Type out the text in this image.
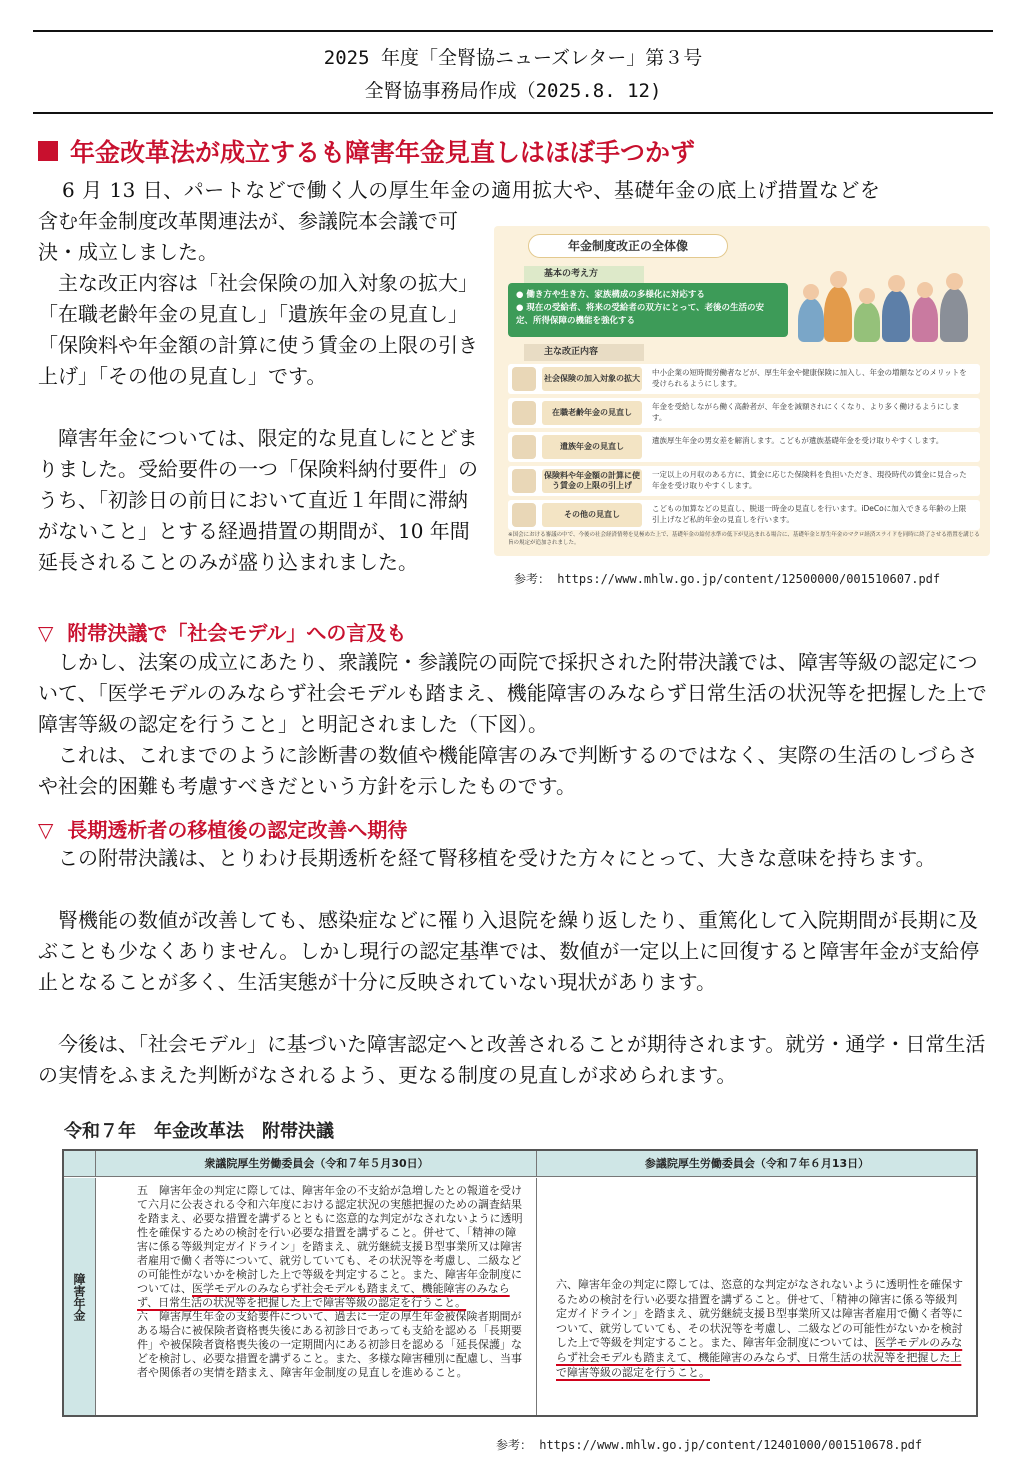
2025 年度「全腎協ニューズレター」第３号
全腎協事務局作成（2025.8. 12)
年金改革法が成立するも障害年金見直しはほぼ手つかず
6 月 13 日、パートなどで働く人の厚生年金の適用拡大や、基礎年金の底上げ措置などを
含む年金制度改革関連法が、参議院本会議で可決・成立しました。
主な改正内容は「社会保険の加入対象の拡大」「在職老齢年金の見直し」「遺族年金の見直し」「保険料や年金額の計算に使う賃金の上限の引き上げ」「その他の見直し」です。
障害年金については、限定的な見直しにとどまりました。受給要件の一つ「保険料納付要件」のうち、「初診日の前日において直近１年間に滞納がないこと」とする経過措置の期間が、10 年間延長されることのみが盛り込まれました。
年金制度改正の全体像
基本の考え方
● 働き方や生き方、家族構成の多様化に対応する
● 現在の受給者、将来の受給者の双方にとって、老後の生活の安定、所得保障の機能を強化する
主な改正内容
社会保険の加入対象の拡大
中小企業の短時間労働者などが、厚生年金や健康保険に加入し、年金の増額などのメリットを受けられるようにします。
在職老齢年金の見直し
年金を受給しながら働く高齢者が、年金を減額されにくくなり、より多く働けるようにします。
遺族年金の見直し
遺族厚生年金の男女差を解消します。こどもが遺族基礎年金を受け取りやすくします。
保険料や年金額の計算に使う賃金の上限の引上げ
一定以上の月収のある方に、賃金に応じた保険料を負担いただき、現役時代の賃金に見合った年金を受け取りやすくします。
その他の見直し
こどもの加算などの見直し、脱退一時金の見直しを行います。iDeCoに加入できる年齢の上限引上げなど私的年金の見直しを行います。
※国会における審議の中で、今後の社会経済情勢を見極めた上で、基礎年金の給付水準の低下が見込まれる場合に、基礎年金と厚生年金のマクロ経済スライドを同時に終了させる措置を講じる旨の規定が追加されました。
参考： https://www.mhlw.go.jp/content/12500000/001510607.pdf
▽ 附帯決議で「社会モデル」への言及も
しかし、法案の成立にあたり、衆議院・参議院の両院で採択された附帯決議では、障害等級の認定について、「医学モデルのみならず社会モデルも踏まえ、機能障害のみならず日常生活の状況等を把握した上で障害等級の認定を行うこと」と明記されました（下図）。
これは、これまでのように診断書の数値や機能障害のみで判断するのではなく、実際の生活のしづらさや社会的困難も考慮すべきだという方針を示したものです。
▽ 長期透析者の移植後の認定改善へ期待
この附帯決議は、とりわけ長期透析を経て腎移植を受けた方々にとって、大きな意味を持ちます。
腎機能の数値が改善しても、感染症などに罹り入退院を繰り返したり、重篤化して入院期間が長期に及ぶことも少なくありません。しかし現行の認定基準では、数値が一定以上に回復すると障害年金が支給停止となることが多く、生活実態が十分に反映されていない現状があります。
今後は、「社会モデル」に基づいた障害認定へと改善されることが期待されます。就労・通学・日常生活の実情をふまえた判断がなされるよう、更なる制度の見直しが求められます。
令和７年　年金改革法　附帯決議
衆議院厚生労働委員会（令和７年５月30日）	参議院厚生労働委員会（令和７年６月13日）
障害年金
五　障害年金の判定に際しては、障害年金の不支給が急増したとの報道を受けて六月に公表される令和六年度における認定状況の実態把握のための調査結果を踏まえ、必要な措置を講ずるとともに恣意的な判定がなされないように透明性を確保するための検討を行い必要な措置を講ずること。併せて、「精神の障害に係る等級判定ガイドライン」を踏まえ、就労継続支援Ｂ型事業所又は障害者雇用で働く者等について、就労していても、その状況等を考慮し、二級などの可能性がないかを検討した上で等級を判定すること。また、障害年金制度については、医学モデルのみならず社会モデルも踏まえて、機能障害のみならず、日常生活の状況等を把握した上で障害等級の認定を行うこと。
六　障害厚生年金の支給要件について、過去に一定の厚生年金被保険者期間がある場合に被保険者資格喪失後にある初診日であっても支給を認める「長期要件」や被保険者資格喪失後の一定期間内にある初診日を認める「延長保護」などを検討し、必要な措置を講ずること。また、多様な障害種別に配慮し、当事者や関係者の実情を踏まえ、障害年金制度の見直しを進めること。
六、障害年金の判定に際しては、恣意的な判定がなされないように透明性を確保するための検討を行い必要な措置を講ずること。併せて、「精神の障害に係る等級判定ガイドライン」を踏まえ、就労継続支援Ｂ型事業所又は障害者雇用で働く者等について、就労していても、その状況等を考慮し、二級などの可能性がないかを検討した上で等級を判定すること。また、障害年金制度については、医学モデルのみならず社会モデルも踏まえて、機能障害のみならず、日常生活の状況等を把握した上で障害等級の認定を行うこと。
参考： https://www.mhlw.go.jp/content/12401000/001510678.pdf
